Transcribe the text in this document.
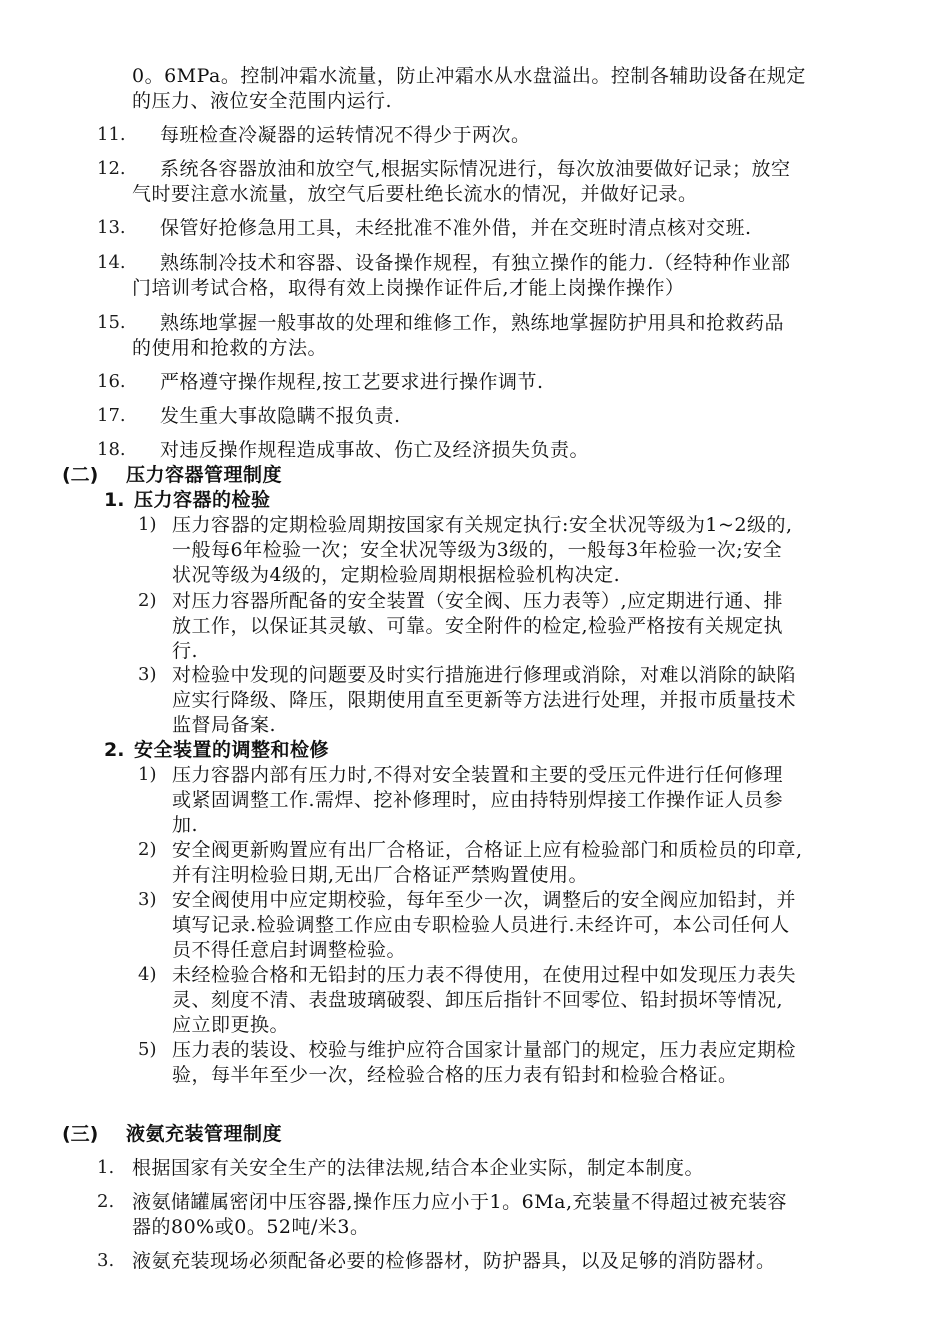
0。6MPa。控制冲霜水流量，防止冲霜水从水盘溢出。控制各辅助设备在规定
的压力、液位安全范围内运行.
11. 每班检查冷凝器的运转情况不得少于两次。
12. 系统各容器放油和放空气,根据实际情况进行，每次放油要做好记录；放空
气时要注意水流量，放空气后要杜绝长流水的情况，并做好记录。
13. 保管好抢修急用工具，未经批准不准外借，并在交班时清点核对交班.
14. 熟练制冷技术和容器、设备操作规程，有独立操作的能力.（经特种作业部
门培训考试合格，取得有效上岗操作证件后,才能上岗操作操作）
15. 熟练地掌握一般事故的处理和维修工作，熟练地掌握防护用具和抢救药品
的使用和抢救的方法。
16. 严格遵守操作规程,按工艺要求进行操作调节.
17. 发生重大事故隐瞒不报负责.
18. 对违反操作规程造成事故、伤亡及经济损失负责。
(二) 压力容器管理制度
1. 压力容器的检验
1) 压力容器的定期检验周期按国家有关规定执行:安全状况等级为1~2级的,
一般每6年检验一次；安全状况等级为3级的，一般每3年检验一次;安全
状况等级为4级的，定期检验周期根据检验机构决定.
2) 对压力容器所配备的安全装置（安全阀、压力表等）,应定期进行通、排
放工作，以保证其灵敏、可靠。安全附件的检定,检验严格按有关规定执
行.
3) 对检验中发现的问题要及时实行措施进行修理或消除，对难以消除的缺陷
应实行降级、降压，限期使用直至更新等方法进行处理，并报市质量技术
监督局备案.
2. 安全装置的调整和检修
1) 压力容器内部有压力时,不得对安全装置和主要的受压元件进行任何修理
或紧固调整工作.需焊、挖补修理时，应由持特别焊接工作操作证人员参
加.
2) 安全阀更新购置应有出厂合格证，合格证上应有检验部门和质检员的印章,
并有注明检验日期,无出厂合格证严禁购置使用。
3) 安全阀使用中应定期校验，每年至少一次，调整后的安全阀应加铅封，并
填写记录.检验调整工作应由专职检验人员进行.未经许可，本公司任何人
员不得任意启封调整检验。
4) 未经检验合格和无铅封的压力表不得使用，在使用过程中如发现压力表失
灵、刻度不清、表盘玻璃破裂、卸压后指针不回零位、铅封损坏等情况,
应立即更换。
5) 压力表的装设、校验与维护应符合国家计量部门的规定，压力表应定期检
验，每半年至少一次，经检验合格的压力表有铅封和检验合格证。
(三) 液氨充装管理制度
1. 根据国家有关安全生产的法律法规,结合本企业实际，制定本制度。
2. 液氨储罐属密闭中压容器,操作压力应小于1。6Ma,充装量不得超过被充装容
器的80%或0。52吨/米3。
3. 液氨充装现场必须配备必要的检修器材，防护器具，以及足够的消防器材。
